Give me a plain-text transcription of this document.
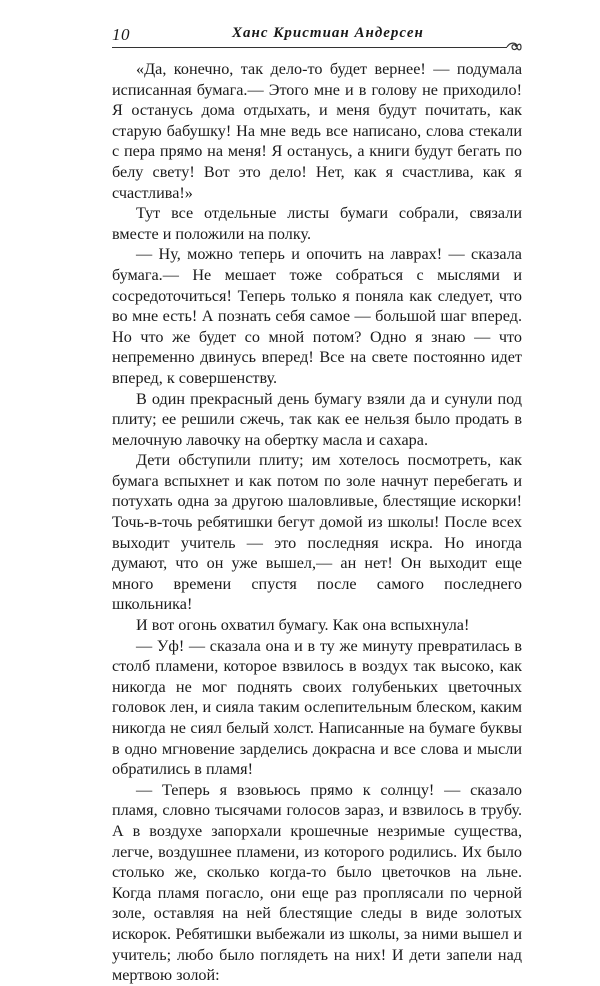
10	Ханс Кристиан Андерсен

«Да, конечно, так дело-то будет вернее! — подумала исписанная бумага.— Этого мне и в голову не приходило! Я останусь дома отдыхать, и меня будут почитать, как старую бабушку! На мне ведь все написано, слова стекали с пера прямо на меня! Я останусь, а книги будут бегать по белу свету! Вот это дело! Нет, как я счастлива, как я счастлива!»

Тут все отдельные листы бумаги собрали, связали вместе и положили на полку.

— Ну, можно теперь и опочить на лаврах! — сказала бумага.— Не мешает тоже собраться с мыслями и сосредоточиться! Теперь только я поняла как следует, что во мне есть! А познать себя самое — большой шаг вперед. Но что же будет со мной потом? Одно я знаю — что непременно двинусь вперед! Все на свете постоянно идет вперед, к совершенству.

В один прекрасный день бумагу взяли да и сунули под плиту; ее решили сжечь, так как ее нельзя было продать в мелочную лавочку на обертку масла и сахара.

Дети обступили плиту; им хотелось посмотреть, как бумага вспыхнет и как потом по золе начнут перебегать и потухать одна за другою шаловливые, блестящие искорки! Точь-в-точь ребятишки бегут домой из школы! После всех выходит учитель — это последняя искра. Но иногда думают, что он уже вышел,— ан нет! Он выходит еще много времени спустя после самого последнего школьника!

И вот огонь охватил бумагу. Как она вспыхнула!

— Уф! — сказала она и в ту же минуту превратилась в столб пламени, которое взвилось в воздух так высоко, как никогда не мог поднять своих голубеньких цветочных головок лен, и сияла таким ослепительным блеском, каким никогда не сиял белый холст. Написанные на бумаге буквы в одно мгновение зарделись докрасна и все слова и мысли обратились в пламя!

— Теперь я взовьюсь прямо к солнцу! — сказало пламя, словно тысячами голосов зараз, и взвилось в трубу. А в воздухе запорхали крошечные незримые существа, легче, воздушнее пламени, из которого родились. Их было столько же, сколько когда-то было цветочков на льне. Когда пламя погасло, они еще раз проплясали по черной золе, оставляя на ней блестящие следы в виде золотых искорок. Ребятишки выбежали из школы, за ними вышел и учитель; любо было поглядеть на них! И дети запели над мертвою золой:
